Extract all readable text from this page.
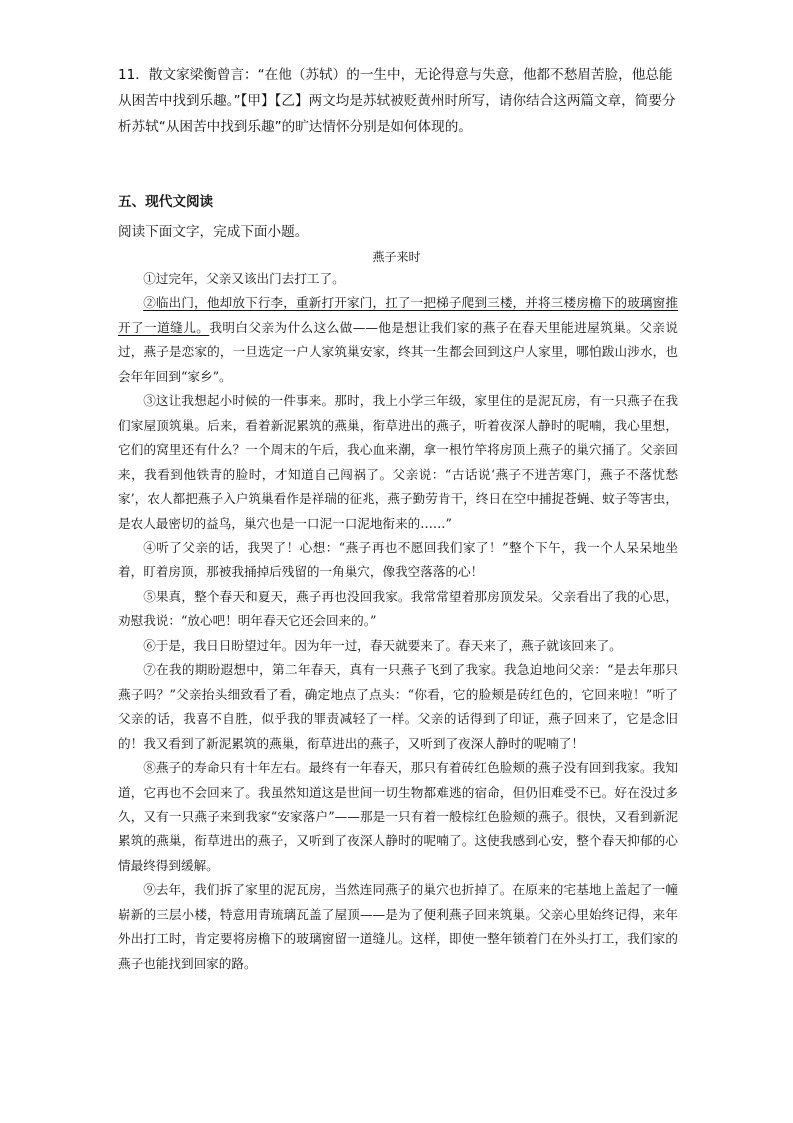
11．散文家梁衡曾言：“在他（苏轼）的一生中，无论得意与失意，他都不愁眉苦脸，他总能从困苦中找到乐趣。”【甲】【乙】两文均是苏轼被贬黄州时所写，请你结合这两篇文章，简要分析苏轼“从困苦中找到乐趣”的旷达情怀分别是如何体现的。

五、现代文阅读
阅读下面文字，完成下面小题。
燕子来时

①过完年，父亲又该出门去打工了。

②临出门，他却放下行李，重新打开家门，扛了一把梯子爬到三楼，并将三楼房檐下的玻璃窗推开了一道缝儿。我明白父亲为什么这么做——他是想让我们家的燕子在春天里能进屋筑巢。父亲说过，燕子是恋家的，一旦选定一户人家筑巢安家，终其一生都会回到这户人家里，哪怕跋山涉水，也会年年回到“家乡”。

③这让我想起小时候的一件事来。那时，我上小学三年级，家里住的是泥瓦房，有一只燕子在我们家屋顶筑巢。后来，看着新泥累筑的燕巢，衔草进出的燕子，听着夜深人静时的呢喃，我心里想，它们的窝里还有什么？一个周末的午后，我心血来潮，拿一根竹竿将房顶上燕子的巢穴捅了。父亲回来，我看到他铁青的脸时，才知道自己闯祸了。父亲说：“古话说‘燕子不进苦寒门，燕子不落忧愁家’，农人都把燕子入户筑巢看作是祥瑞的征兆，燕子勤劳肯干，终日在空中捕捉苍蝇、蚊子等害虫，是农人最密切的益鸟，巢穴也是一口泥一口泥地衔来的……”

④听了父亲的话，我哭了！心想：“燕子再也不愿回我们家了！”整个下午，我一个人呆呆地坐着，盯着房顶，那被我捅掉后残留的一角巢穴，像我空落落的心！

⑤果真，整个春天和夏天，燕子再也没回我家。我常常望着那房顶发呆。父亲看出了我的心思，劝慰我说：“放心吧！明年春天它还会回来的。”

⑥于是，我日日盼望过年。因为年一过，春天就要来了。春天来了，燕子就该回来了。

⑦在我的期盼遐想中，第二年春天，真有一只燕子飞到了我家。我急迫地问父亲：“是去年那只燕子吗？”父亲抬头细致看了看，确定地点了点头：“你看，它的脸颊是砖红色的，它回来啦！”听了父亲的话，我喜不自胜，似乎我的罪责减轻了一样。父亲的话得到了印证，燕子回来了，它是念旧的！我又看到了新泥累筑的燕巢，衔草进出的燕子，又听到了夜深人静时的呢喃了！

⑧燕子的寿命只有十年左右。最终有一年春天，那只有着砖红色脸颊的燕子没有回到我家。我知道，它再也不会回来了。我虽然知道这是世间一切生物都难逃的宿命，但仍旧难受不已。好在没过多久，又有一只燕子来到我家“安家落户”——那是一只有着一般棕红色脸颊的燕子。很快，又看到新泥累筑的燕巢，衔草进出的燕子，又听到了夜深人静时的呢喃了。这使我感到心安，整个春天抑郁的心情最终得到缓解。

⑨去年，我们拆了家里的泥瓦房，当然连同燕子的巢穴也折掉了。在原来的宅基地上盖起了一幢崭新的三层小楼，特意用青琉璃瓦盖了屋顶——是为了便利燕子回来筑巢。父亲心里始终记得，来年外出打工时，肯定要将房檐下的玻璃窗留一道缝儿。这样，即使一整年锁着门在外头打工，我们家的燕子也能找到回家的路。
